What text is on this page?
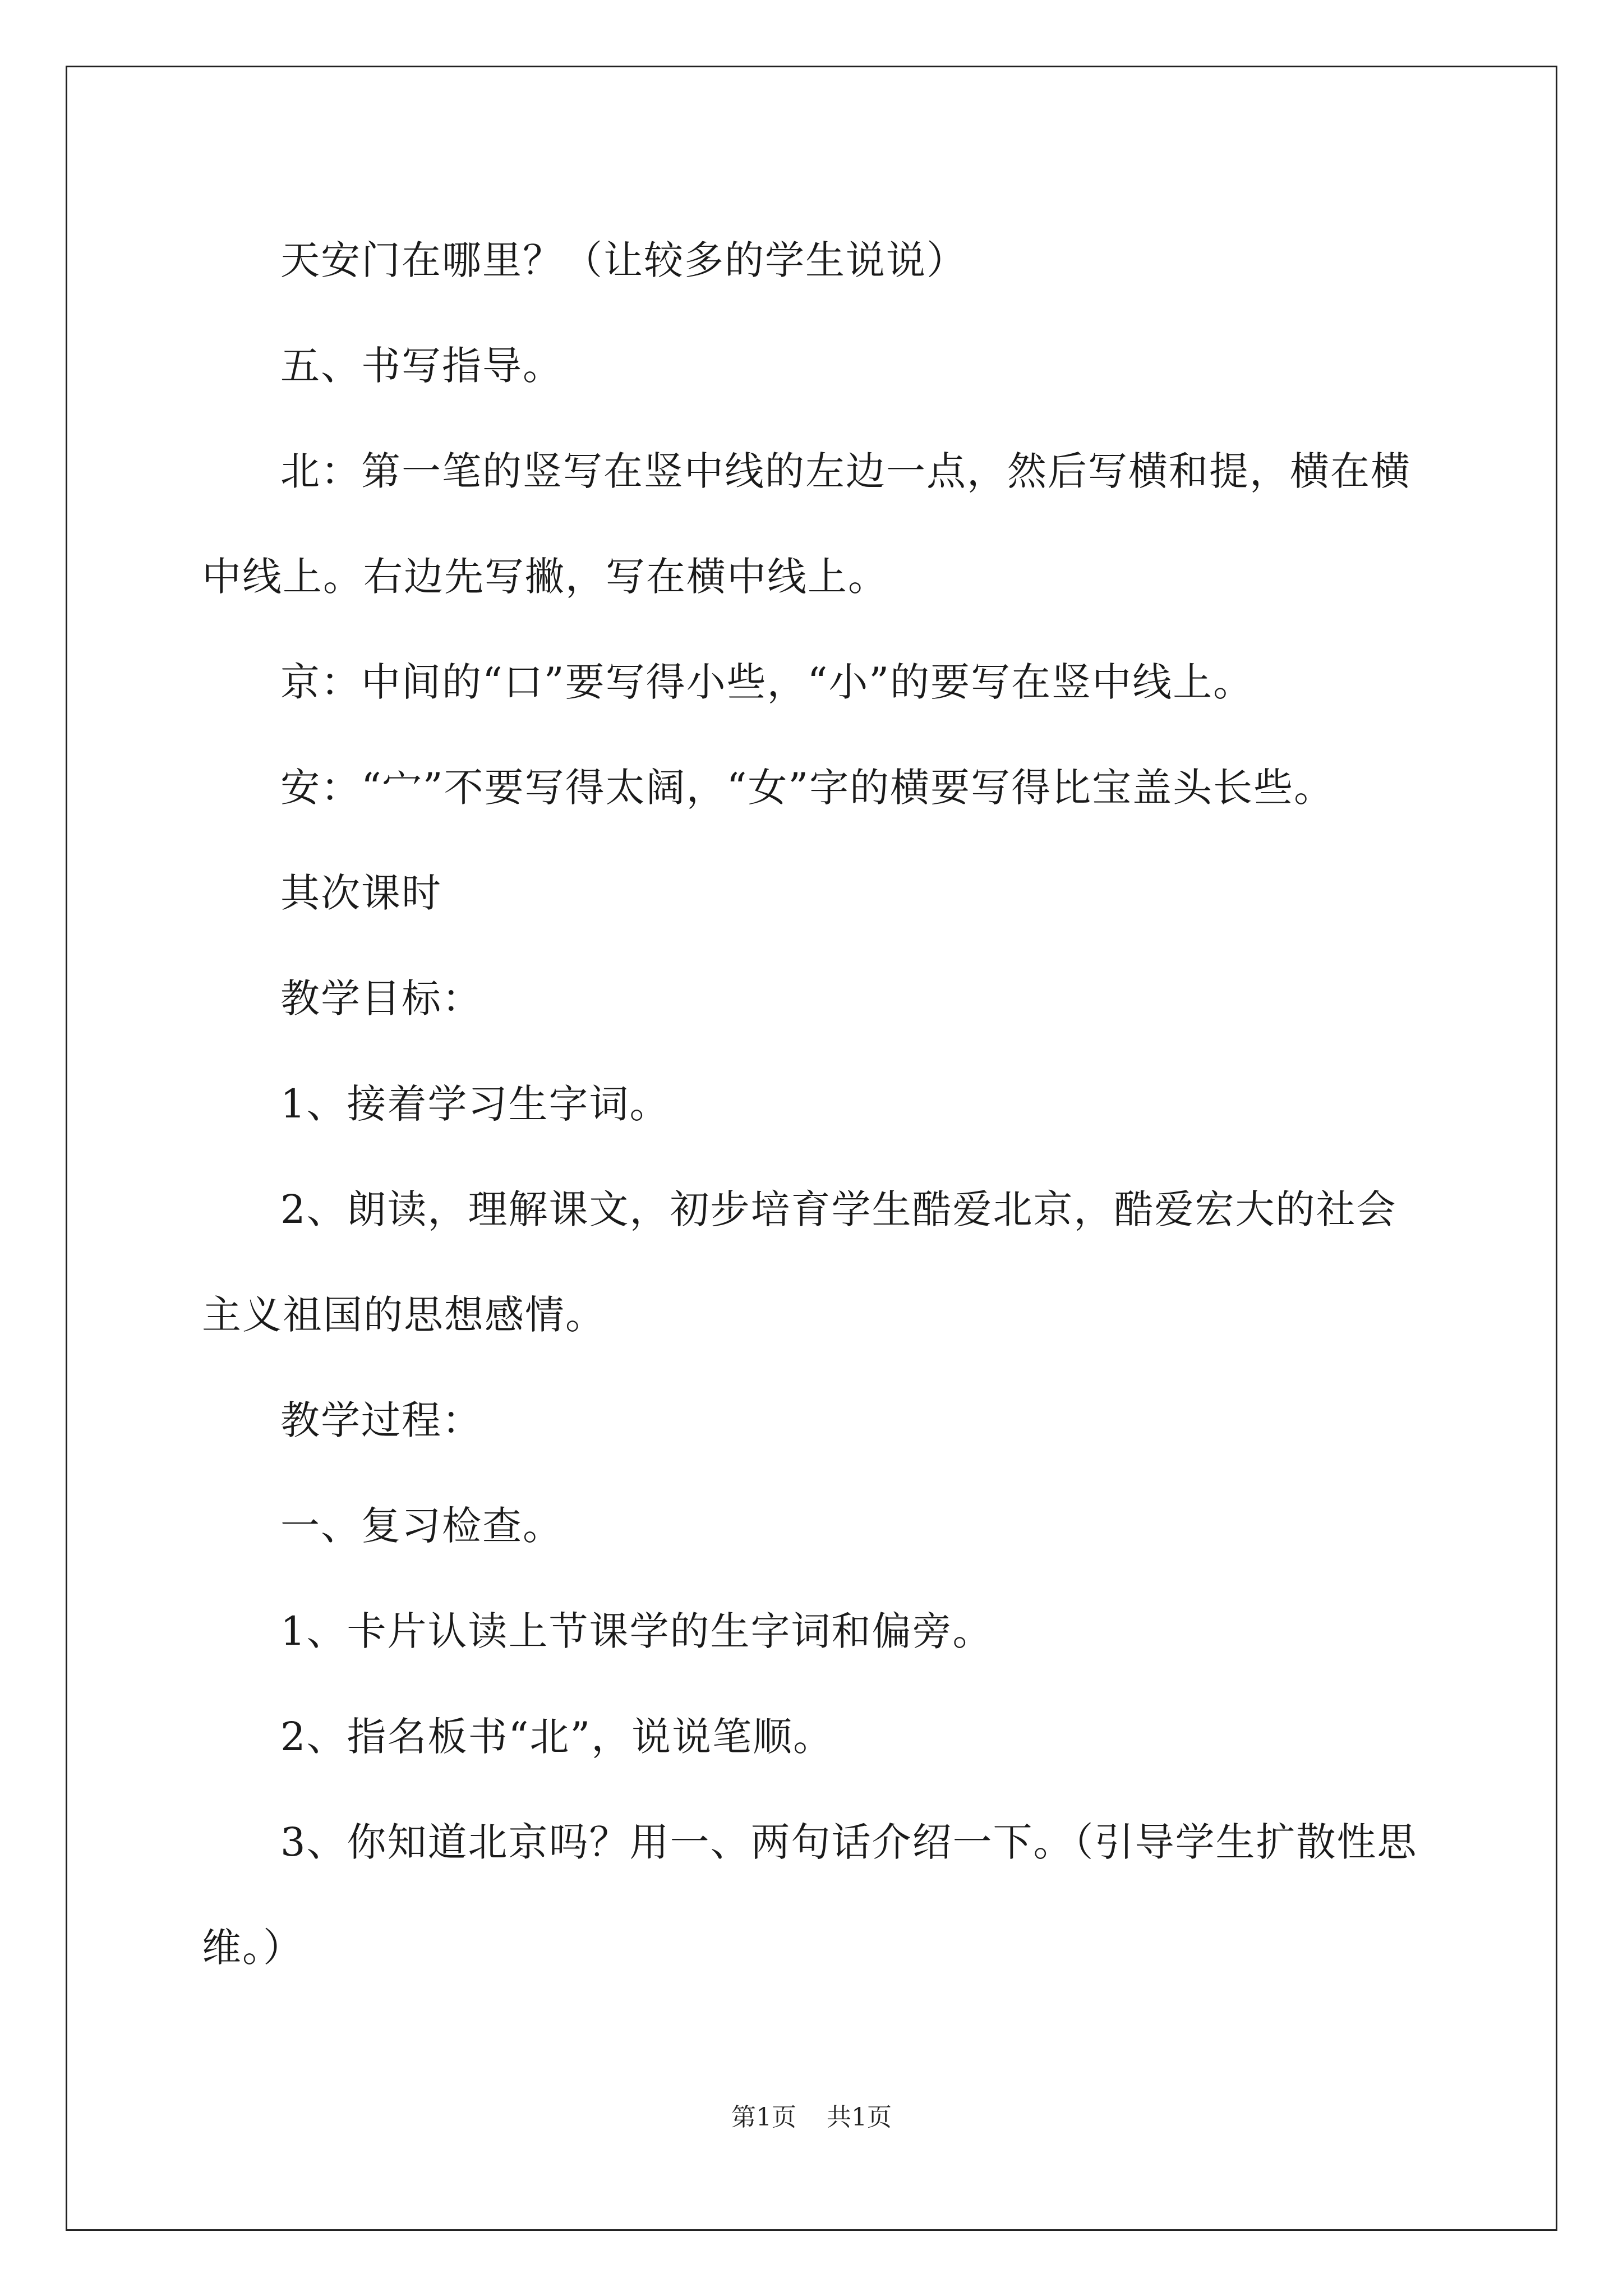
天安门在哪里？（让较多的学生说说）

五、书写指导。

北：第一笔的竖写在竖中线的左边一点，然后写横和提，横在横中线上。右边先写撇，写在横中线上。

京：中间的“口”要写得小些，“小”的要写在竖中线上。

安：“宀”不要写得太阔，“女”字的横要写得比宝盖头长些。

其次课时

教学目标：

1、接着学习生字词。

2、朗读，理解课文，初步培育学生酷爱北京，酷爱宏大的社会主义祖国的思想感情。

教学过程：

一、复习检查。

1、卡片认读上节课学的生字词和偏旁。

2、指名板书“北”，说说笔顺。

3、你知道北京吗？用一、两句话介绍一下。（引导学生扩散性思维。）

第1页 共1页
